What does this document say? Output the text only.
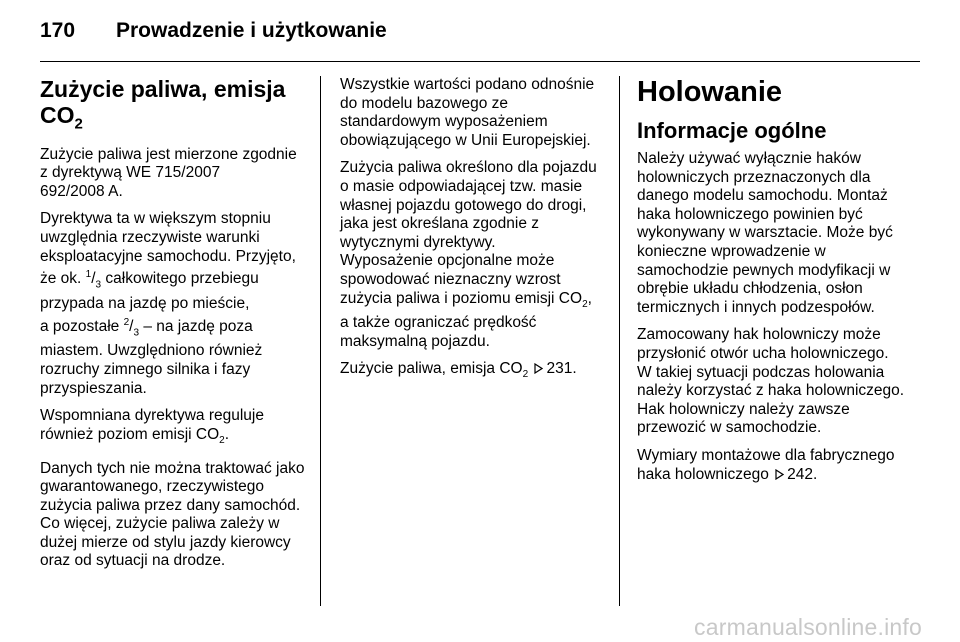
170 Prowadzenie i użytkowanie
Zużycie paliwa, emisja
$CO_2$

Zużycie paliwa jest mierzone zgodnie z dyrektywą WE 715/2007

692/2008 A.

Dyrektywa ta w większym stopniu uwzględnia rzeczywiste warunki eksploatacyjne samochodu. Przyjęto, że ok. $^1/_3$ całkowitego przebiegu przypada na jazdę po mieście,
a pozostałe $^2/_3$ – na jazdę poza
miastem. Uwzględniono również rozruchy zimnego silnika i fazy przyspieszania.

Wspomniana dyrektywa reguluje również poziom emisji $CO_2$.

Danych tych nie można traktować jako gwarantowanego, rzeczywistego zużycia paliwa przez dany samochód. Co więcej, zużycie paliwa zależy w dużej mierze od stylu jazdy kierowcy oraz od sytuacji na drodze.

Wszystkie wartości podano odnośnie do modelu bazowego ze standardowym wyposażeniem obowiązującego w Unii Europejskiej.

Zużycia paliwa określono dla pojazdu o masie odpowiadającej tzw. masie własnej pojazdu gotowego do drogi, jaka jest określana zgodnie z wytycznymi dyrektywy.

Wyposażenie opcjonalne może spowodować nieznaczny wzrost zużycia paliwa i poziomu emisji $CO_2$,
a także ograniczać prędkość maksymalną pojazdu.

Zużycie paliwa, emisja $CO_2$ 231.

Holowanie
Informacje ogólne

Należy używać wyłącznie haków holowniczych przeznaczonych dla danego modelu samochodu. Montaż haka holowniczego powinien być wykonywany w warsztacie. Może być konieczne wprowadzenie w samochodzie pewnych modyfikacji w obrębie układu chłodzenia, osłon termicznych i innych podzespołów.

Zamocowany hak holowniczy może przysłonić otwór ucha holowniczego. W takiej sytuacji podczas holowania należy korzystać z haka holowniczego. Hak holowniczy należy zawsze przewozić w samochodzie.

Wymiary montażowe dla fabrycznego haka holowniczego 242.

carmanualsonline.info
